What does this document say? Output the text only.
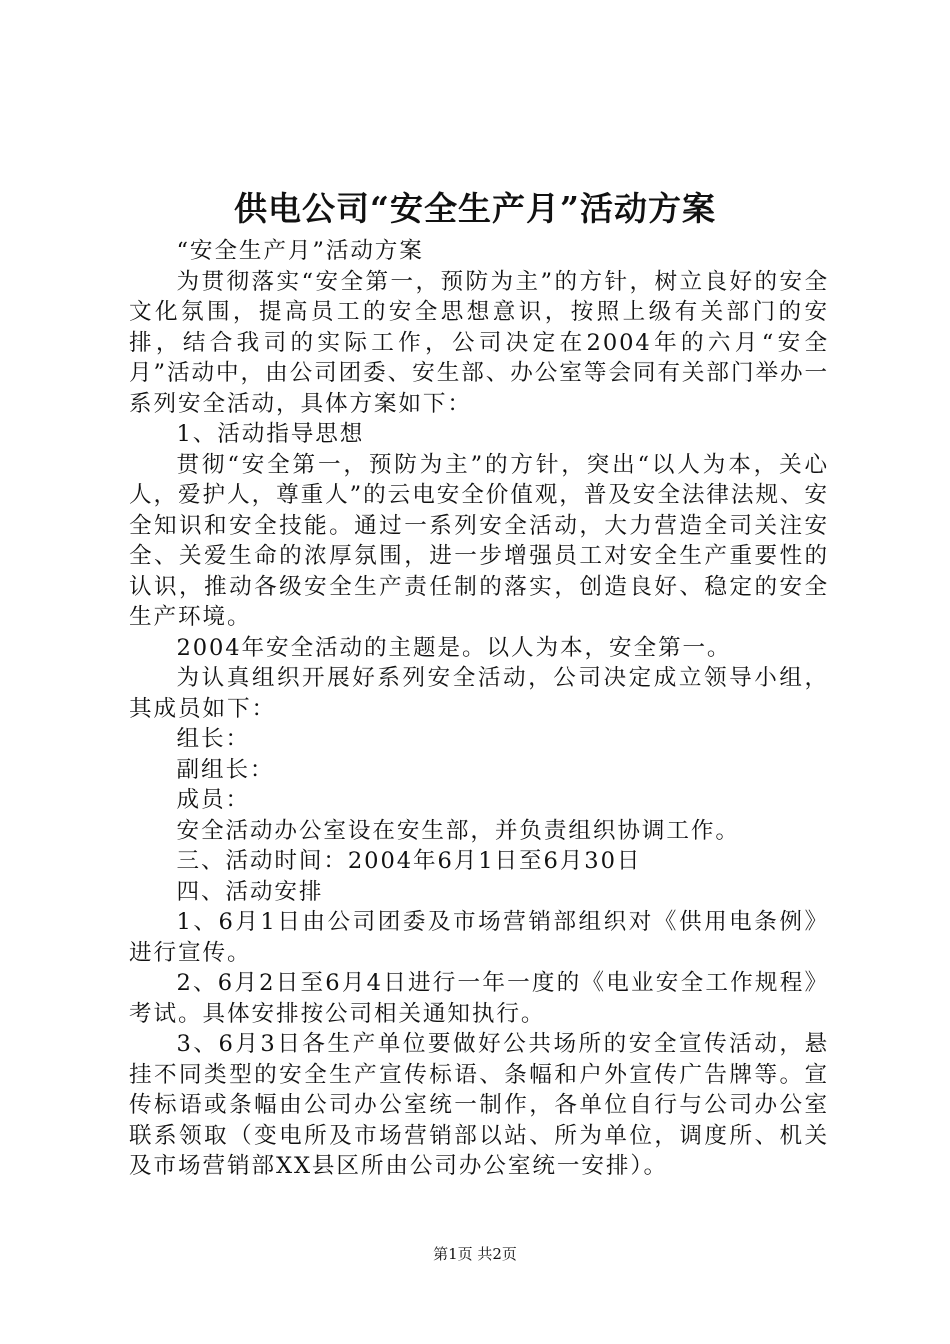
供电公司“安全生产月”活动方案

“安全生产月”活动方案

为贯彻落实“安全第一，预防为主”的方针，树立良好的安全文化氛围，提高员工的安全思想意识，按照上级有关部门的安排，结合我司的实际工作，公司决定在2004年的六月“安全月”活动中，由公司团委、安生部、办公室等会同有关部门举办一系列安全活动，具体方案如下：

1、活动指导思想

贯彻“安全第一，预防为主”的方针，突出“以人为本，关心人，爱护人，尊重人”的云电安全价值观，普及安全法律法规、安全知识和安全技能。通过一系列安全活动，大力营造全司关注安全、关爱生命的浓厚氛围，进一步增强员工对安全生产重要性的认识，推动各级安全生产责任制的落实，创造良好、稳定的安全生产环境。

2004年安全活动的主题是。以人为本，安全第一。

为认真组织开展好系列安全活动，公司决定成立领导小组，其成员如下：

组长：

副组长：

成员：

安全活动办公室设在安生部，并负责组织协调工作。

三、活动时间：2004年6月1日至6月30日

四、活动安排

1、6月1日由公司团委及市场营销部组织对《供用电条例》进行宣传。

2、6月2日至6月4日进行一年一度的《电业安全工作规程》考试。具体安排按公司相关通知执行。

3、6月3日各生产单位要做好公共场所的安全宣传活动，悬挂不同类型的安全生产宣传标语、条幅和户外宣传广告牌等。宣传标语或条幅由公司办公室统一制作，各单位自行与公司办公室联系领取（变电所及市场营销部以站、所为单位，调度所、机关及市场营销部XX县区所由公司办公室统一安排）。

第1页 共2页
